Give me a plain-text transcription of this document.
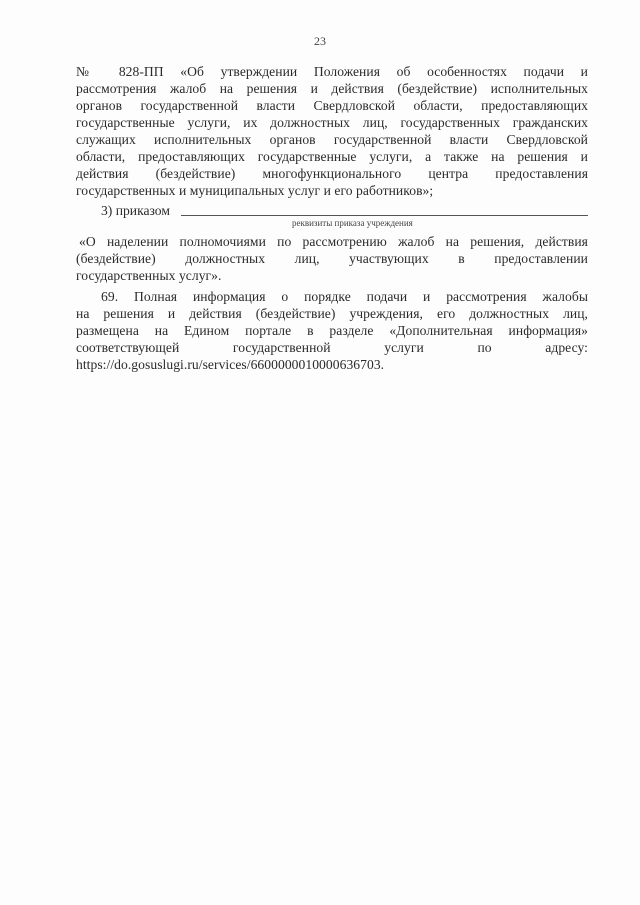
23
№ 828-ПП «Об утверждении Положения об особенностях подачи и
рассмотрения жалоб на решения и действия (бездействие) исполнительных
органов государственной власти Свердловской области, предоставляющих
государственные услуги, их должностных лиц, государственных гражданских
служащих исполнительных органов государственной власти Свердловской
области, предоставляющих государственные услуги, а также на решения и
действия (бездействие) многофункционального центра предоставления
государственных и муниципальных услуг и его работников»;
3) приказом
реквизиты приказа учреждения
«О наделении полномочиями по рассмотрению жалоб на решения, действия
(бездействие) должностных лиц, участвующих в предоставлении
государственных услуг».
69. Полная информация о порядке подачи и рассмотрения жалобы
на решения и действия (бездействие) учреждения, его должностных лиц,
размещена на Едином портале в разделе «Дополнительная информация»
соответствующей государственной услуги по адресу:
https://do.gosuslugi.ru/services/6600000010000636703.
